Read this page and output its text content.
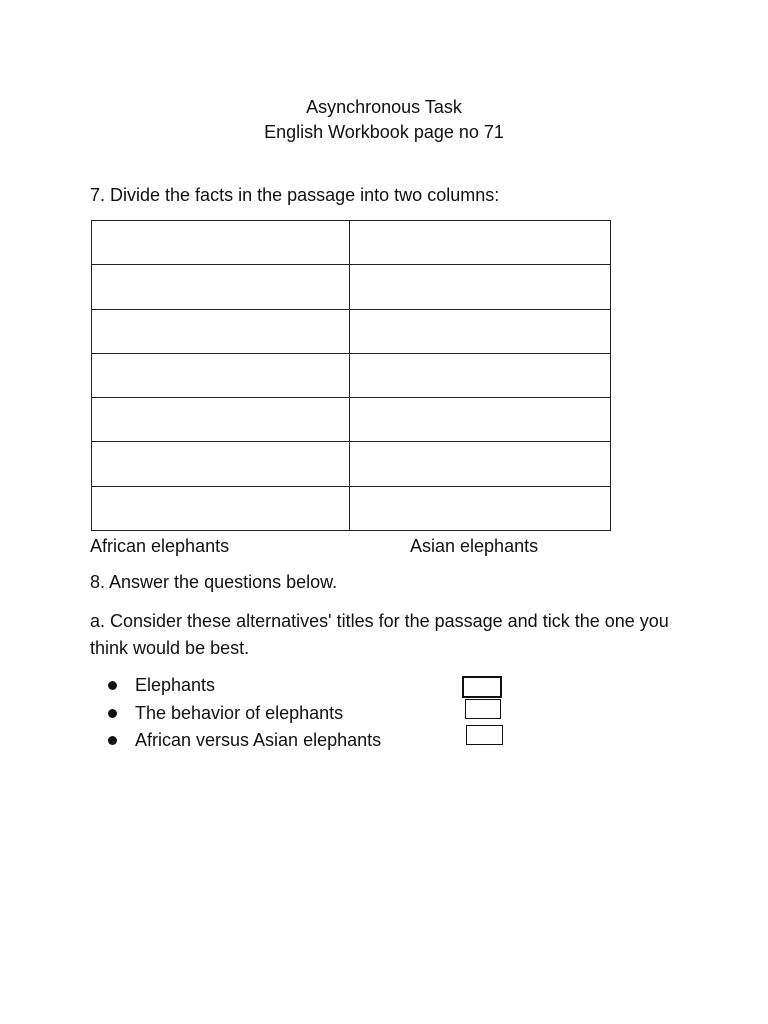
Asynchronous Task
English Workbook page no 71
7. Divide the facts in the passage into two columns:

African elephants	Asian elephants
8. Answer the questions below.
a. Consider these alternatives' titles for the passage and tick the one you think would be best.
Elephants
The behavior of elephants
African versus Asian elephants
